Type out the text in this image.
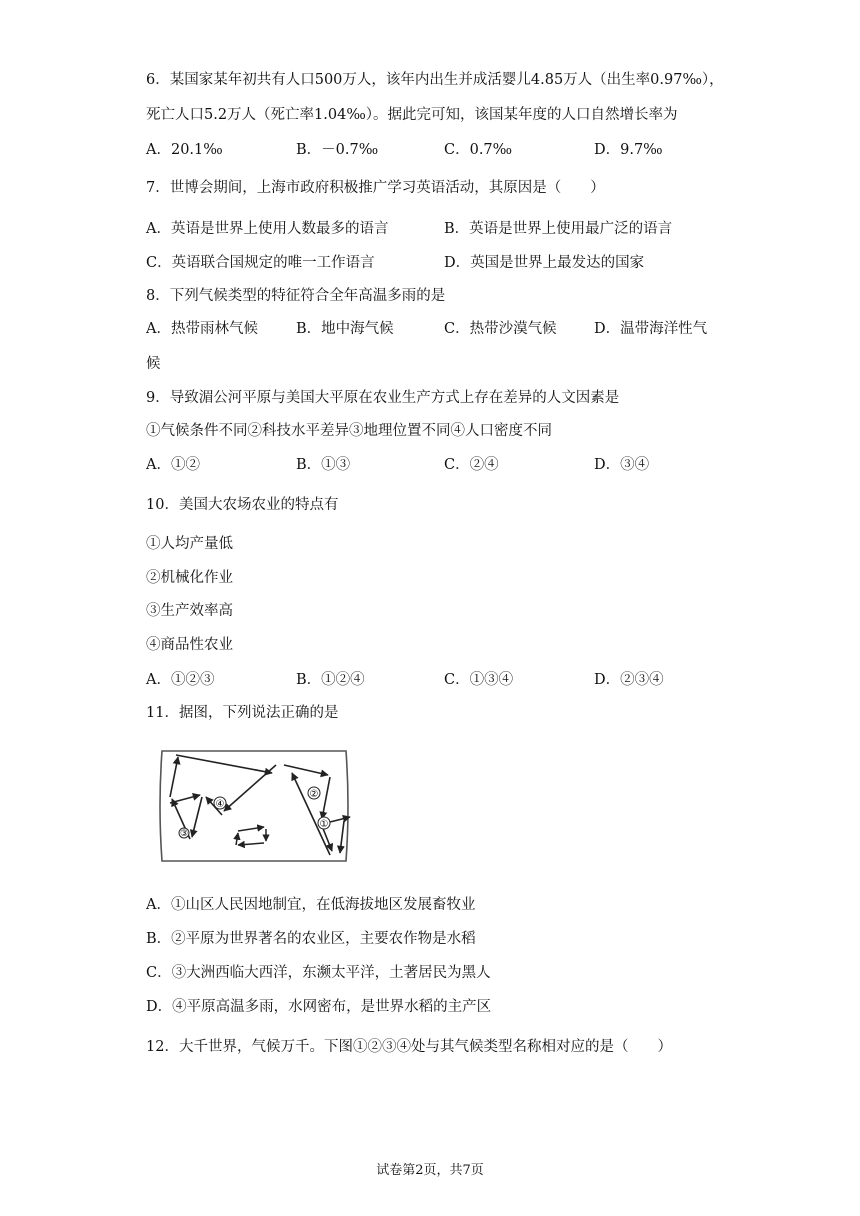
6．某国家某年初共有人口500万人，该年内出生并成活婴儿4.85万人（出生率0.97‰），
死亡人口5.2万人（死亡率1.04‰）。据此完可知，该国某年度的人口自然增长率为
A．20.1‰	B．－0.7‰	C．0.7‰	D．9.7‰
7．世博会期间，上海市政府积极推广学习英语活动，其原因是（　　）
A．英语是世界上使用人数最多的语言	B．英语是世界上使用最广泛的语言
C．英语联合国规定的唯一工作语言	D．英国是世界上最发达的国家
8．下列气候类型的特征符合全年高温多雨的是
A．热带雨林气候	B．地中海气候	C．热带沙漠气候	D．温带海洋性气
候
9．导致湄公河平原与美国大平原在农业生产方式上存在差异的人文因素是
①气候条件不同②科技水平差异③地理位置不同④人口密度不同
A．①②	B．①③	C．②④	D．③④
10．美国大农场农业的特点有
①人均产量低
②机械化作业
③生产效率高
④商品性农业
A．①②③	B．①②④	C．①③④	D．②③④
11．据图，下列说法正确的是
④
③
②
①
A．①山区人民因地制宜，在低海拔地区发展畜牧业
B．②平原为世界著名的农业区，主要农作物是水稻
C．③大洲西临大西洋，东濒太平洋，土著居民为黑人
D．④平原高温多雨，水网密布，是世界水稻的主产区
12．大千世界，气候万千。下图①②③④处与其气候类型名称相对应的是（　　）
试卷第2页，共7页
